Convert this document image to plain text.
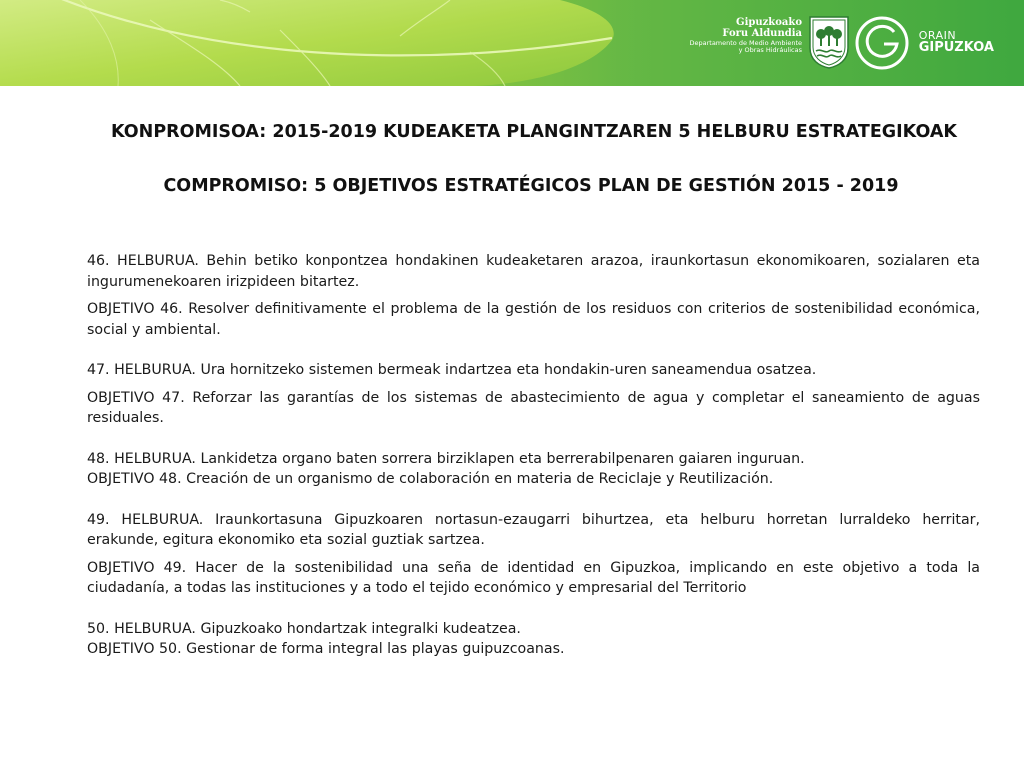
Gipuzkoako
Foru Aldundia
Departamento de Medio Ambiente
y Obras Hidráulicas
ORAIN
GIPUZKOA
KONPROMISOA: 2015-2019 KUDEAKETA PLANGINTZAREN 5 HELBURU ESTRATEGIKOAK
COMPROMISO: 5 OBJETIVOS ESTRATÉGICOS PLAN DE GESTIÓN 2015 - 2019

46. HELBURUA. Behin betiko konpontzea hondakinen kudeaketaren arazoa, iraunkortasun ekonomikoaren, sozialaren eta ingurumenekoaren irizpideen bitartez.

OBJETIVO 46. Resolver definitivamente el problema de la gestión de los residuos con criterios de sostenibilidad económica, social y ambiental.

47. HELBURUA. Ura hornitzeko sistemen bermeak indartzea eta hondakin-uren saneamendua osatzea.

OBJETIVO 47. Reforzar las garantías de los sistemas de abastecimiento de agua y completar el saneamiento de aguas residuales.

48. HELBURUA. Lankidetza organo baten sorrera birziklapen eta berrerabilpenaren gaiaren inguruan.

OBJETIVO 48. Creación de un organismo de colaboración en materia de Reciclaje y Reutilización.

49. HELBURUA. Iraunkortasuna Gipuzkoaren nortasun-ezaugarri bihurtzea, eta helburu horretan lurraldeko herritar, erakunde, egitura ekonomiko eta sozial guztiak sartzea.

OBJETIVO 49. Hacer de la sostenibilidad una seña de identidad en Gipuzkoa, implicando en este objetivo a toda la ciudadanía, a todas las instituciones y a todo el tejido económico y empresarial del Territorio

50. HELBURUA. Gipuzkoako hondartzak integralki kudeatzea.

OBJETIVO 50. Gestionar de forma integral las playas guipuzcoanas.
